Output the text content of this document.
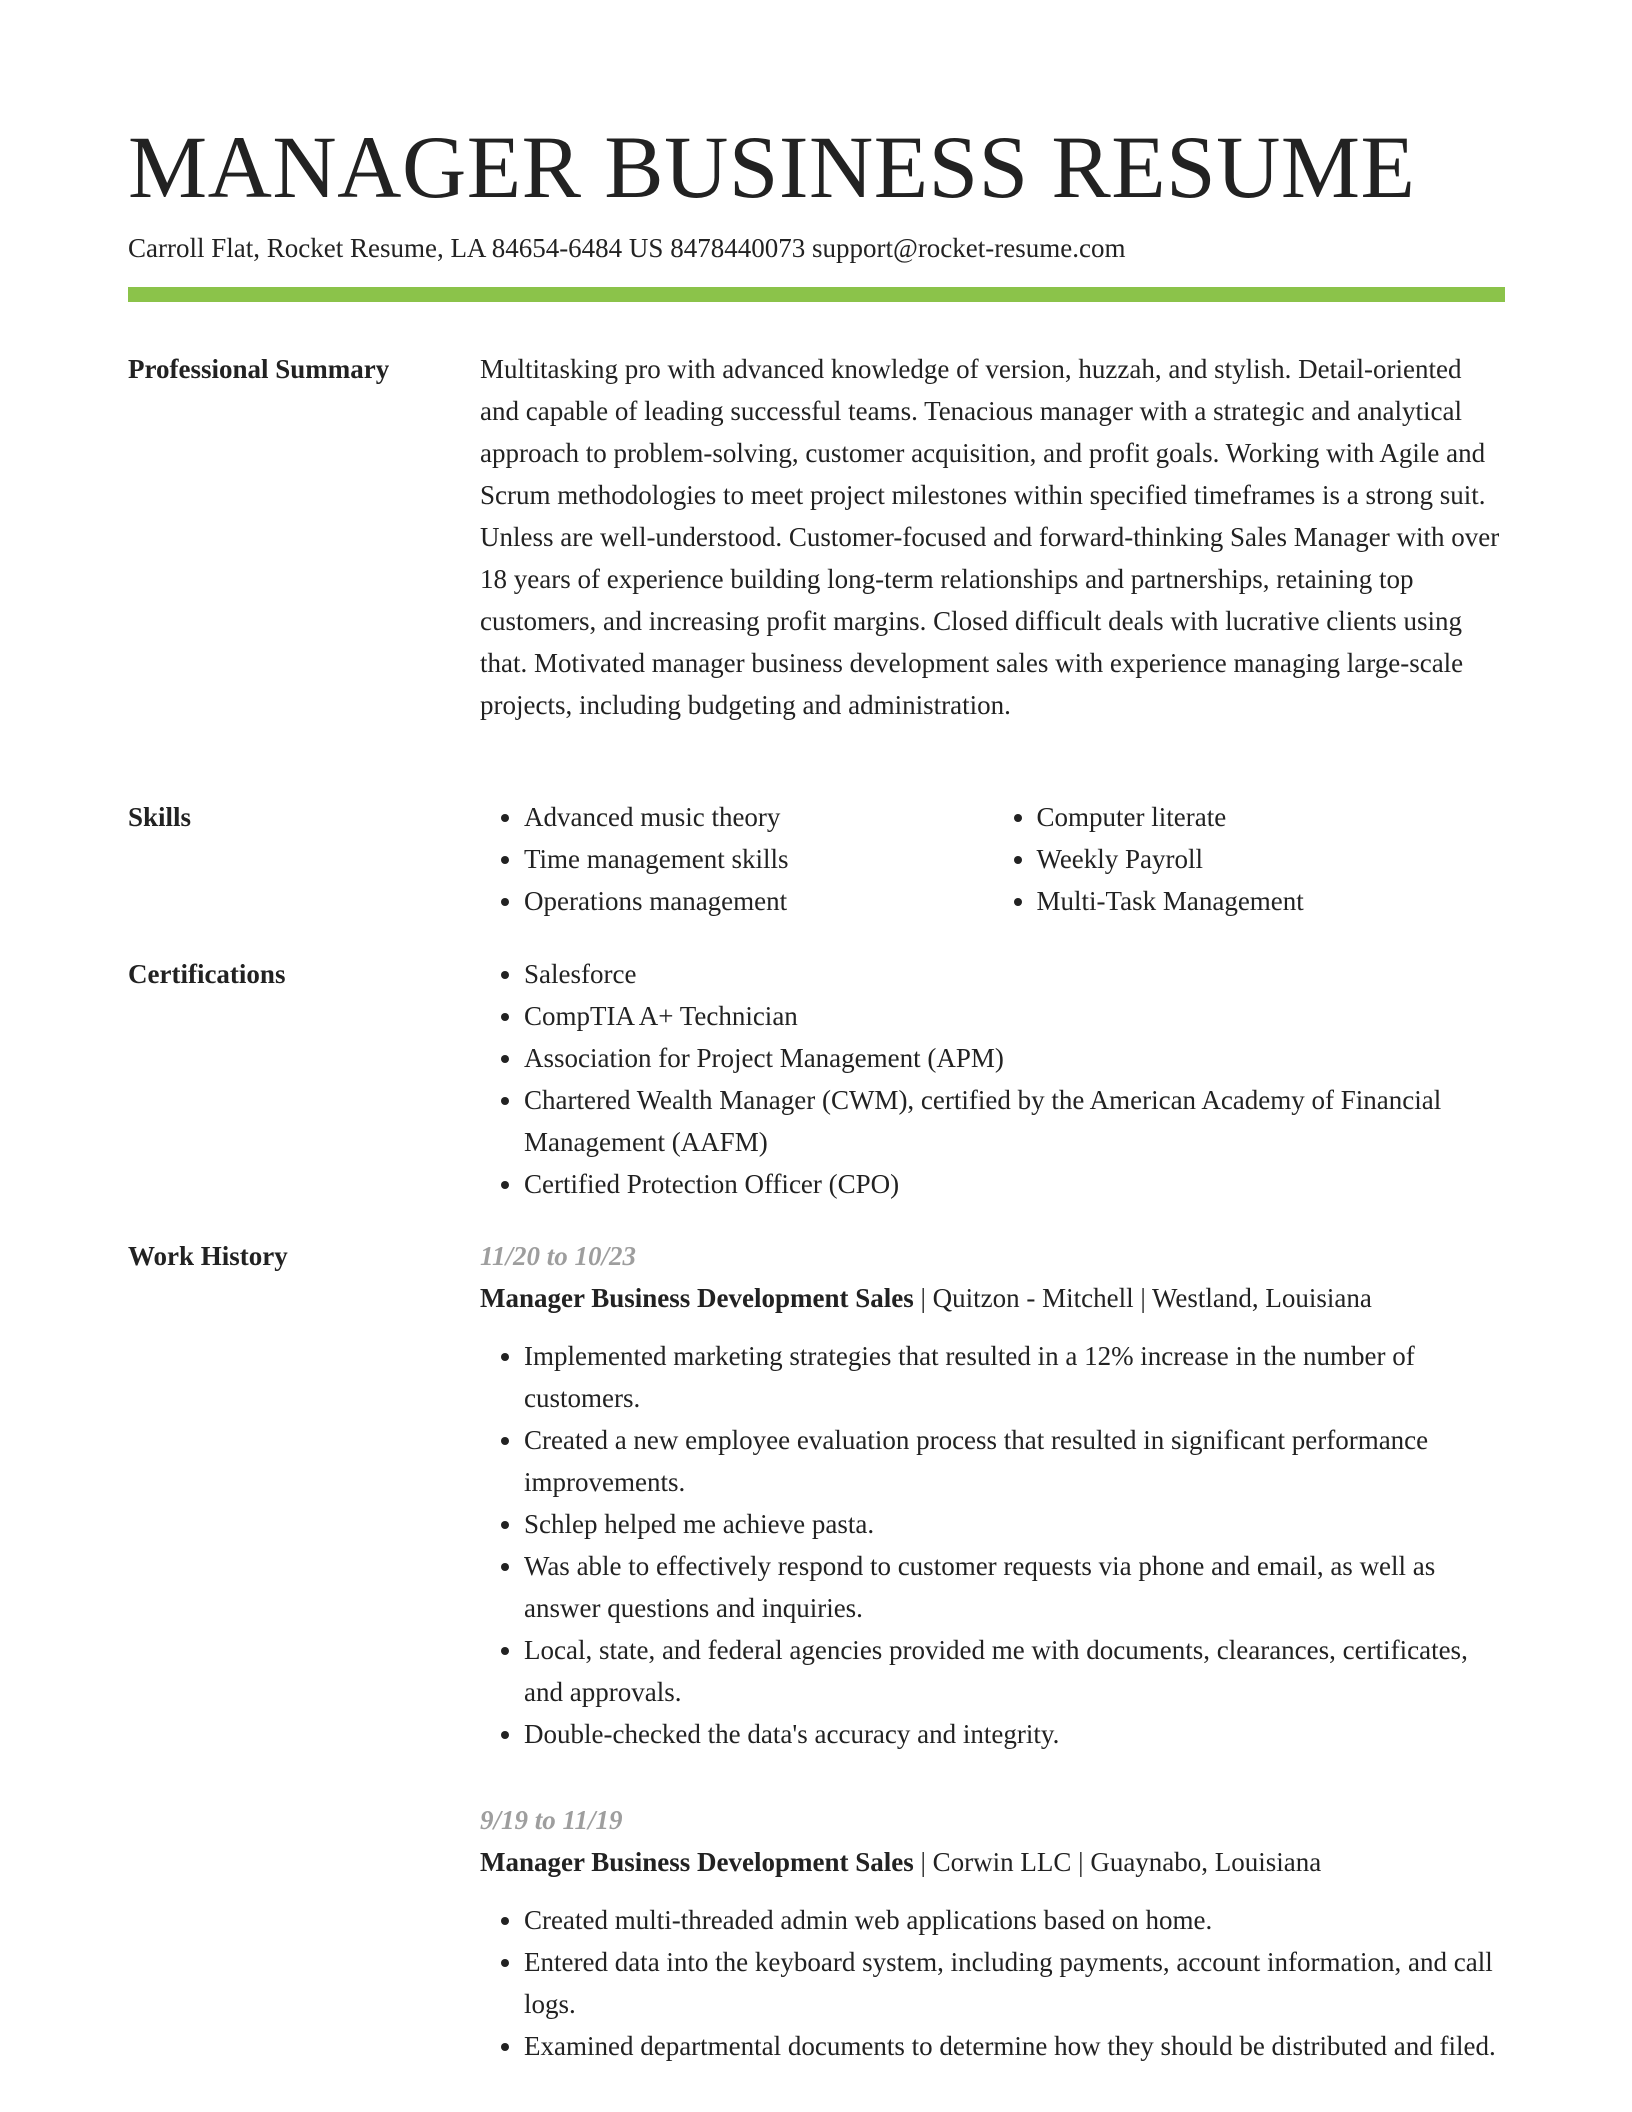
MANAGER BUSINESS RESUME
Carroll Flat, Rocket Resume, LA 84654-6484 US 8478440073 support@rocket-resume.com
Professional Summary	Multitasking pro with advanced knowledge of version, huzzah, and stylish. Detail-oriented and capable of leading successful teams. Tenacious manager with a strategic and analytical approach to problem-solving, customer acquisition, and profit goals. Working with Agile and Scrum methodologies to meet project milestones within specified timeframes is a strong suit. Unless are well-understood. Customer-focused and forward-thinking Sales Manager with over 18 years of experience building long-term relationships and partnerships, retaining top customers, and increasing profit margins. Closed difficult deals with lucrative clients using that. Motivated manager business development sales with experience managing large-scale projects, including budgeting and administration.

Skills	• Advanced music theory
• Time management skills
• Operations management
• Computer literate
• Weekly Payroll
• Multi-Task Management
Certifications	• Salesforce
• CompTIA A+ Technician
• Association for Project Management (APM)
• Chartered Wealth Manager (CWM), certified by the American Academy of Financial Management (AAFM)
• Certified Protection Officer (CPO)
Work History	11/20 to 10/23
Manager Business Development Sales | Quitzon - Mitchell | Westland, Louisiana
• Implemented marketing strategies that resulted in a 12% increase in the number of customers.
• Created a new employee evaluation process that resulted in significant performance improvements.
• Schlep helped me achieve pasta.
• Was able to effectively respond to customer requests via phone and email, as well as answer questions and inquiries.
• Local, state, and federal agencies provided me with documents, clearances, certificates, and approvals.
• Double-checked the data's accuracy and integrity.
9/19 to 11/19
Manager Business Development Sales | Corwin LLC | Guaynabo, Louisiana
• Created multi-threaded admin web applications based on home.
• Entered data into the keyboard system, including payments, account information, and call logs.
• Examined departmental documents to determine how they should be distributed and filed.
